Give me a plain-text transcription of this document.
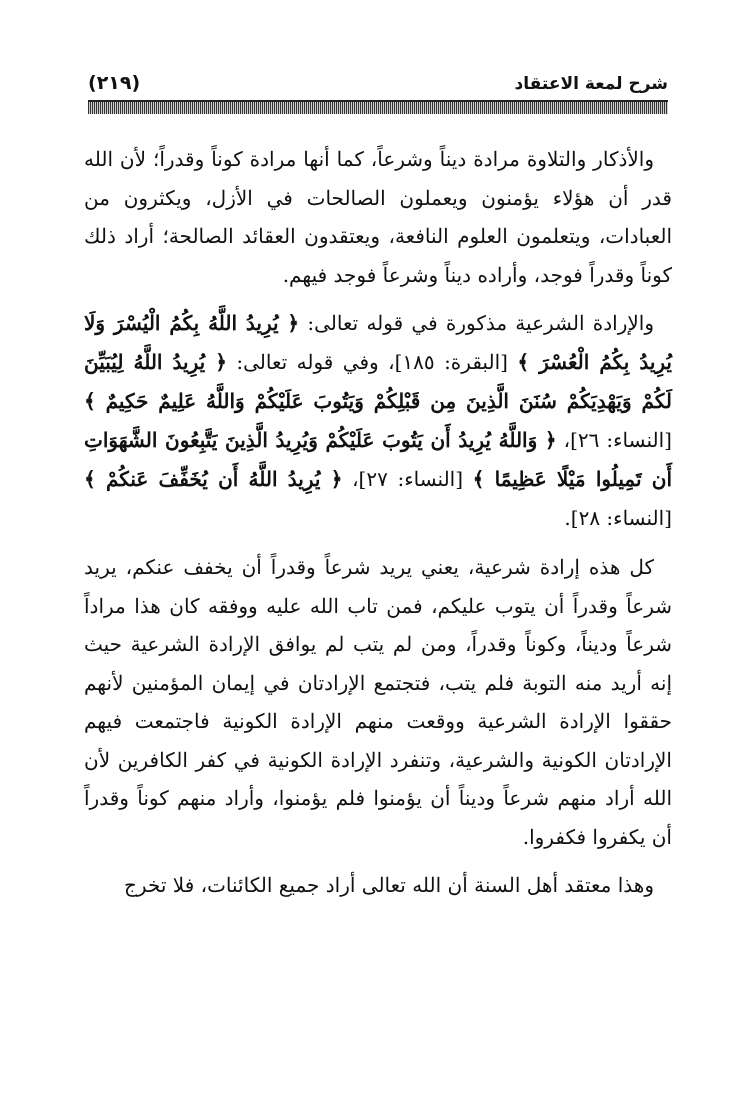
شرح لمعة الاعتقاد
(٢١٩)

والأذكار والتلاوة مرادة ديناً وشرعاً، كما أنها مرادة كوناً وقدراً؛ لأن الله قدر أن هؤلاء يؤمنون ويعملون الصالحات في الأزل، ويكثرون من العبادات، ويتعلمون العلوم النافعة، ويعتقدون العقائد الصالحة؛ أراد ذلك كوناً وقدراً فوجد، وأراده ديناً وشرعاً فوجد فيهم.

والإرادة الشرعية مذكورة في قوله تعالى: ﴿ يُرِيدُ اللَّهُ بِكُمُ الْيُسْرَ وَلَا يُرِيدُ بِكُمُ الْعُسْرَ ﴾ [البقرة: ١٨٥]، وفي قوله تعالى: ﴿ يُرِيدُ اللَّهُ لِيُبَيِّنَ لَكُمْ وَيَهْدِيَكُمْ سُنَنَ الَّذِينَ مِن قَبْلِكُمْ وَيَتُوبَ عَلَيْكُمْ وَاللَّهُ عَلِيمٌ حَكِيمٌ ﴾ [النساء: ٢٦]، ﴿ وَاللَّهُ يُرِيدُ أَن يَتُوبَ عَلَيْكُمْ وَيُرِيدُ الَّذِينَ يَتَّبِعُونَ الشَّهَوَاتِ أَن تَمِيلُوا مَيْلًا عَظِيمًا ﴾ [النساء: ٢٧]، ﴿ يُرِيدُ اللَّهُ أَن يُخَفِّفَ عَنكُمْ ﴾ [النساء: ٢٨].

كل هذه إرادة شرعية، يعني يريد شرعاً وقدراً أن يخفف عنكم، يريد شرعاً وقدراً أن يتوب عليكم، فمن تاب الله عليه ووفقه كان هذا مراداً شرعاً وديناً، وكوناً وقدراً، ومن لم يتب لم يوافق الإرادة الشرعية حيث إنه أريد منه التوبة فلم يتب، فتجتمع الإرادتان في إيمان المؤمنين لأنهم حققوا الإرادة الشرعية ووقعت منهم الإرادة الكونية فاجتمعت فيهم الإرادتان الكونية والشرعية، وتنفرد الإرادة الكونية في كفر الكافرين لأن الله أراد منهم شرعاً وديناً أن يؤمنوا فلم يؤمنوا، وأراد منهم كوناً وقدراً أن يكفروا فكفروا.

وهذا معتقد أهل السنة أن الله تعالى أراد جميع الكائنات، فلا تخرج
